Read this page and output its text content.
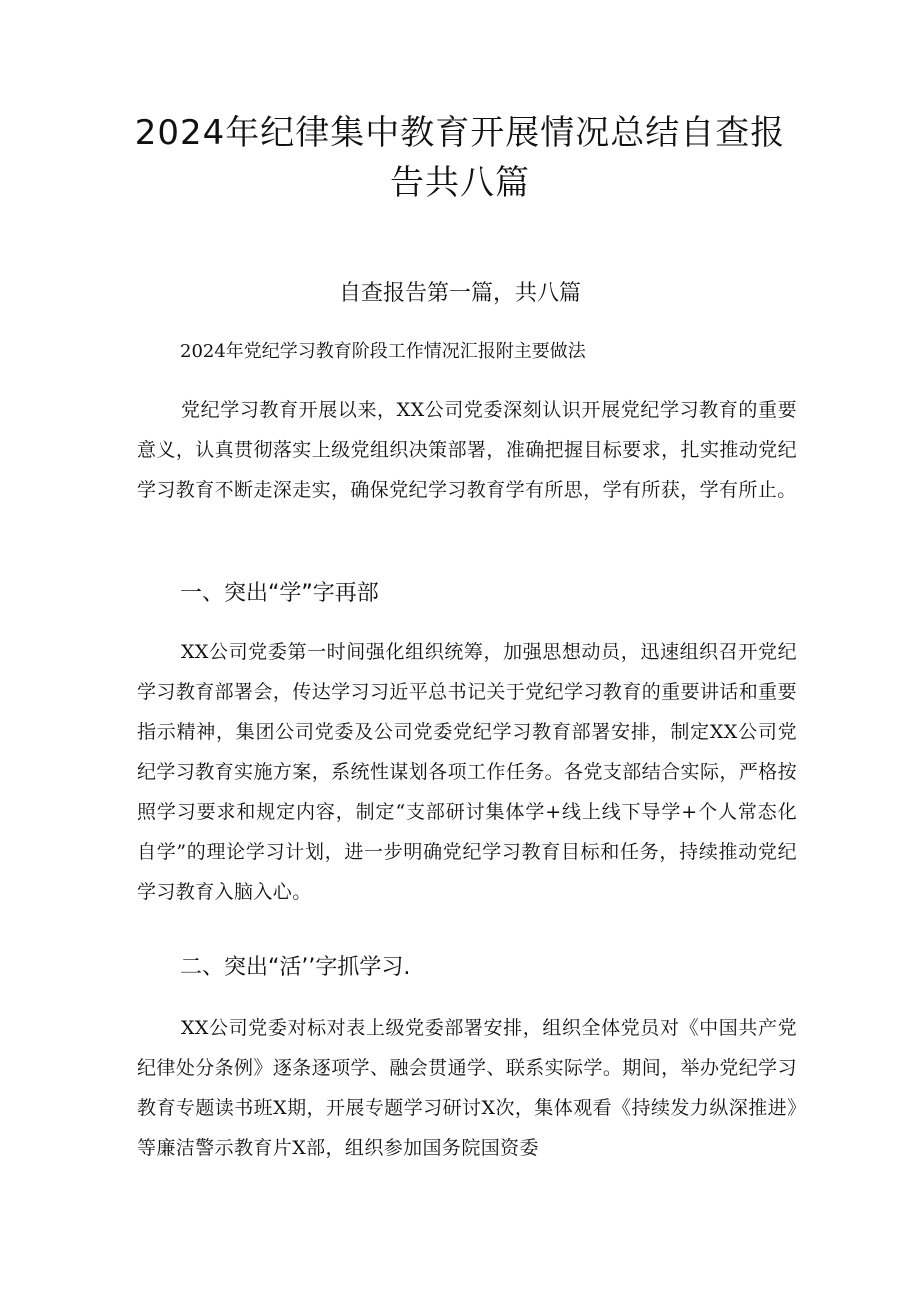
2024年纪律集中教育开展情况总结自查报告共八篇
自查报告第一篇，共八篇

2024年党纪学习教育阶段工作情况汇报附主要做法

党纪学习教育开展以来，XX公司党委深刻认识开展党纪学习教育的重要意义，认真贯彻落实上级党组织决策部署，准确把握目标要求，扎实推动党纪学习教育不断走深走实，确保党纪学习教育学有所思，学有所获，学有所止。

一、突出“学”字再部

XX公司党委第一时间强化组织统筹，加强思想动员，迅速组织召开党纪学习教育部署会，传达学习习近平总书记关于党纪学习教育的重要讲话和重要指示精神，集团公司党委及公司党委党纪学习教育部署安排，制定XX公司党纪学习教育实施方案，系统性谋划各项工作任务。各党支部结合实际，严格按照学习要求和规定内容，制定“支部研讨集体学+线上线下导学+个人常态化自学”的理论学习计划，进一步明确党纪学习教育目标和任务，持续推动党纪学习教育入脑入心。

二、突出“活’’字抓学习.

XX公司党委对标对表上级党委部署安排，组织全体党员对《中国共产党纪律处分条例》逐条逐项学、融会贯通学、联系实际学。期间，举办党纪学习教育专题读书班X期，开展专题学习研讨X次，集体观看《持续发力纵深推进》等廉洁警示教育片X部，组织参加国务院国资委
